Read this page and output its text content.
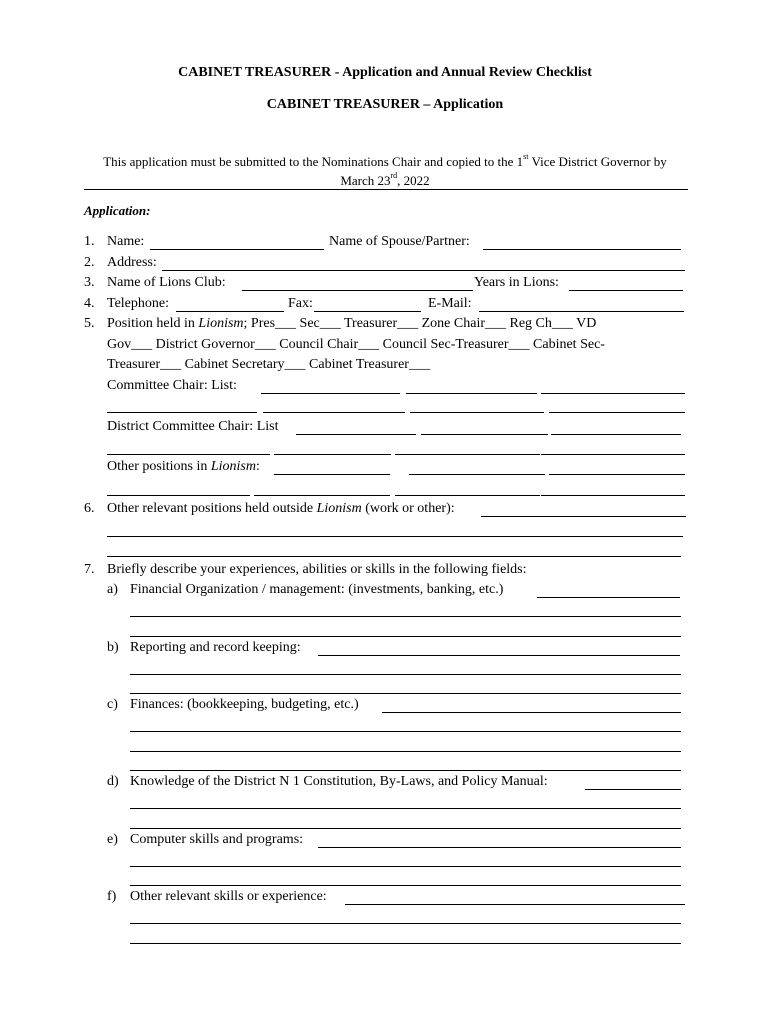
CABINET TREASURER - Application and Annual Review Checklist
CABINET TREASURER – Application
This application must be submitted to the Nominations Chair and copied to the 1st Vice District Governor by
March 23rd, 2022
Application:
1. Name:	Name of Spouse/Partner:
2. Address:
3. Name of Lions Club:	Years in Lions:
4. Telephone:	Fax:	E-Mail:
5. Position held in Lionism; Pres___ Sec___ Treasurer___ Zone Chair___ Reg Ch___ VD
Gov___ District Governor___ Council Chair___ Council Sec-Treasurer___ Cabinet Sec-
Treasurer___ Cabinet Secretary___ Cabinet Treasurer___
Committee Chair: List:
District Committee Chair: List
Other positions in Lionism:
6. Other relevant positions held outside Lionism (work or other):
7. Briefly describe your experiences, abilities or skills in the following fields:
a) Financial Organization / management: (investments, banking, etc.)
b) Reporting and record keeping:
c) Finances: (bookkeeping, budgeting, etc.)
d) Knowledge of the District N 1 Constitution, By-Laws, and Policy Manual:
e) Computer skills and programs:
f) Other relevant skills or experience:
